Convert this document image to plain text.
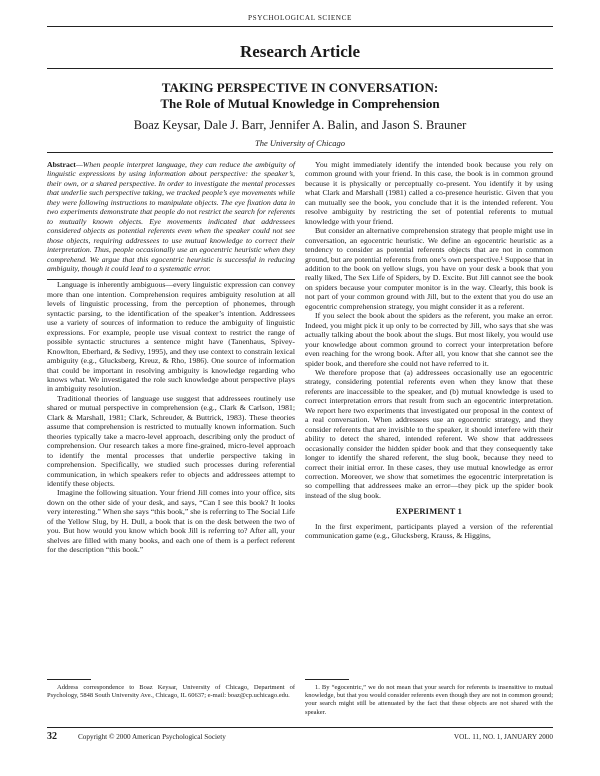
PSYCHOLOGICAL SCIENCE
Research Article
TAKING PERSPECTIVE IN CONVERSATION:
The Role of Mutual Knowledge in Comprehension
Boaz Keysar, Dale J. Barr, Jennifer A. Balin, and Jason S. Brauner
The University of Chicago

Abstract—When people interpret language, they can reduce the ambiguity of linguistic expressions by using information about perspective: the speaker’s, their own, or a shared perspective. In order to investigate the mental processes that underlie such perspective taking, we tracked people’s eye movements while they were following instructions to manipulate objects. The eye fixation data in two experiments demonstrate that people do not restrict the search for referents to mutually known objects. Eye movements indicated that addressees considered objects as potential referents even when the speaker could not see those objects, requiring addressees to use mutual knowledge to correct their interpretation. Thus, people occasionally use an egocentric heuristic when they comprehend. We argue that this egocentric heuristic is successful in reducing ambiguity, though it could lead to a systematic error.

Language is inherently ambiguous—every linguistic expression can convey more than one intention. Comprehension requires ambiguity resolution at all levels of linguistic processing, from the perception of phonemes, through syntactic parsing, to the identification of the speaker’s intention. Addressees use a variety of sources of information to reduce the ambiguity of linguistic expressions. For example, people use visual context to restrict the range of possible syntactic structures a sentence might have (Tanenhaus, Spivey-Knowlton, Eberhard, & Sedivy, 1995), and they use context to constrain lexical ambiguity (e.g., Glucksberg, Kreuz, & Rho, 1986). One source of information that could be important in resolving ambiguity is knowledge regarding who knows what. We investigated the role such knowledge about perspective plays in ambiguity resolution.

Traditional theories of language use suggest that addressees routinely use shared or mutual perspective in comprehension (e.g., Clark & Carlson, 1981; Clark & Marshall, 1981; Clark, Schreuder, & Buttrick, 1983). These theories assume that comprehension is restricted to mutually known information. Such theories typically take a macro-level approach, describing only the product of comprehension. Our research takes a more fine-grained, micro-level approach to identify the mental processes that underlie perspective taking in comprehension. Specifically, we studied such processes during referential communication, in which speakers refer to objects and addressees attempt to identify these objects.

Imagine the following situation. Your friend Jill comes into your office, sits down on the other side of your desk, and says, “Can I see this book? It looks very interesting.” When she says “this book,” she is referring to The Social Life of the Yellow Slug, by H. Dull, a book that is on the desk between the two of you. But how would you know which book Jill is referring to? After all, your shelves are filled with many books, and each one of them is a perfect referent for the description “this book.”

You might immediately identify the intended book because you rely on common ground with your friend. In this case, the book is in common ground because it is physically or perceptually co-present. You identify it by using what Clark and Marshall (1981) called a co-presence heuristic. Given that you can mutually see the book, you conclude that it is the intended referent. You resolve ambiguity by restricting the set of potential referents to mutual knowledge with your friend.

But consider an alternative comprehension strategy that people might use in conversation, an egocentric heuristic. We define an egocentric heuristic as a tendency to consider as potential referents objects that are not in common ground, but are potential referents from one’s own perspective.¹ Suppose that in addition to the book on yellow slugs, you have on your desk a book that you really liked, The Sex Life of Spiders, by D. Excite. But Jill cannot see the book on spiders because your computer monitor is in the way. Clearly, this book is not part of your common ground with Jill, but to the extent that you do use an egocentric comprehension strategy, you might consider it as a referent.

If you select the book about the spiders as the referent, you make an error. Indeed, you might pick it up only to be corrected by Jill, who says that she was actually talking about the book about the slugs. But most likely, you would use your knowledge about common ground to correct your interpretation before even reaching for the wrong book. After all, you know that she cannot see the spider book, and therefore she could not have referred to it.

We therefore propose that (a) addressees occasionally use an egocentric strategy, considering potential referents even when they know that these referents are inaccessible to the speaker, and (b) mutual knowledge is used to correct interpretation errors that result from such an egocentric interpretation. We report here two experiments that investigated our proposal in the context of a real conversation. When addressees use an egocentric strategy, and they consider referents that are invisible to the speaker, it should interfere with their ability to detect the shared, intended referent. We show that addressees occasionally consider the hidden spider book and that they consequently take longer to identify the shared referent, the slug book, because they need to correct their initial error. In these cases, they use mutual knowledge as error correction. Moreover, we show that sometimes the egocentric interpretation is so compelling that addressees make an error—they pick up the spider book instead of the slug book.

EXPERIMENT 1

In the first experiment, participants played a version of the referential communication game (e.g., Glucksberg, Krauss, & Higgins,

Address correspondence to Boaz Keysar, University of Chicago, Department of Psychology, 5848 South University Ave., Chicago, IL 60637; e-mail: boaz@cp.uchicago.edu.
1. By “egocentric,” we do not mean that your search for referents is insensitive to mutual knowledge, but that you would consider referents even though they are not in common ground; your search might still be attenuated by the fact that these objects are not shared with the speaker.
32	Copyright © 2000 American Psychological Society	VOL. 11, NO. 1, JANUARY 2000
